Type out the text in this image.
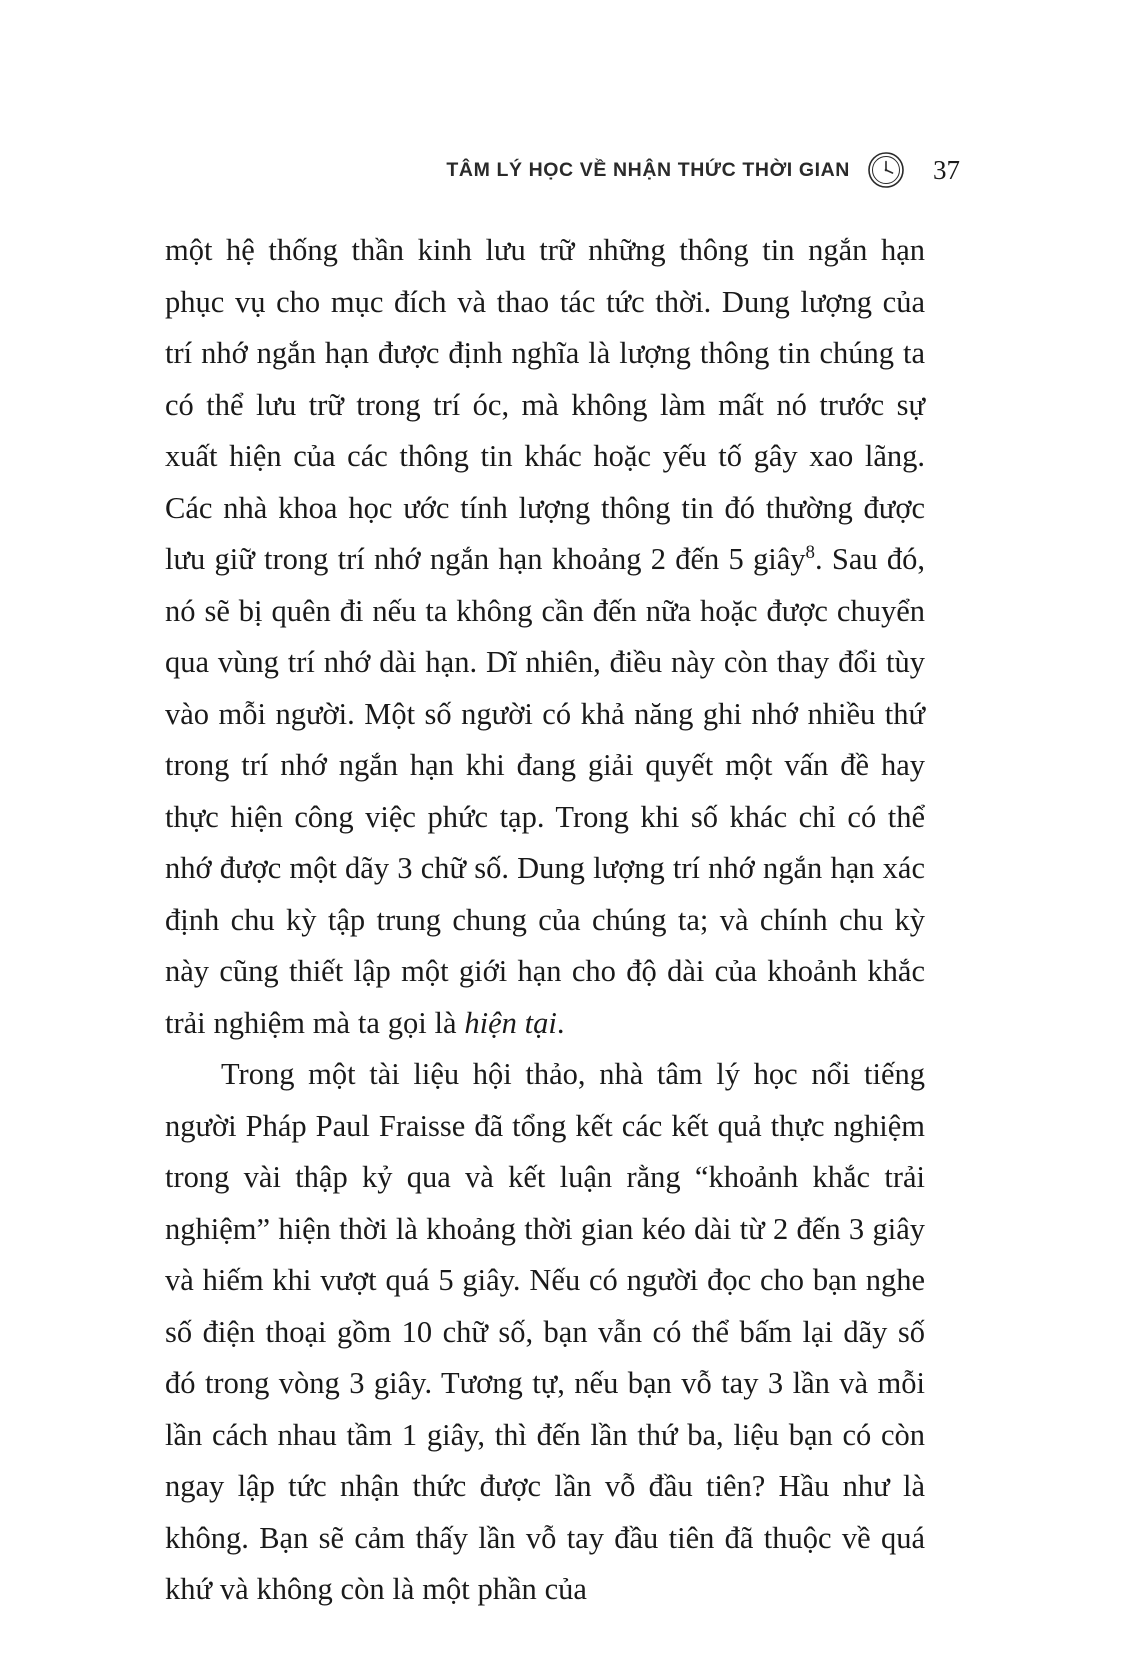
TÂM LÝ HỌC VỀ NHẬN THỨC THỜI GIAN	37

một hệ thống thần kinh lưu trữ những thông tin ngắn hạn phục vụ cho mục đích và thao tác tức thời. Dung lượng của trí nhớ ngắn hạn được định nghĩa là lượng thông tin chúng ta có thể lưu trữ trong trí óc, mà không làm mất nó trước sự xuất hiện của các thông tin khác hoặc yếu tố gây xao lãng. Các nhà khoa học ước tính lượng thông tin đó thường được lưu giữ trong trí nhớ ngắn hạn khoảng 2 đến 5 giây$^8$. Sau đó, nó sẽ bị quên đi nếu ta không cần đến nữa hoặc được chuyển qua vùng trí nhớ dài hạn. Dĩ nhiên, điều này còn thay đổi tùy vào mỗi người. Một số người có khả năng ghi nhớ nhiều thứ trong trí nhớ ngắn hạn khi đang giải quyết một vấn đề hay thực hiện công việc phức tạp. Trong khi số khác chỉ có thể nhớ được một dãy 3 chữ số. Dung lượng trí nhớ ngắn hạn xác định chu kỳ tập trung chung của chúng ta; và chính chu kỳ này cũng thiết lập một giới hạn cho độ dài của khoảnh khắc trải nghiệm mà ta gọi là hiện tại.

Trong một tài liệu hội thảo, nhà tâm lý học nổi tiếng người Pháp Paul Fraisse đã tổng kết các kết quả thực nghiệm trong vài thập kỷ qua và kết luận rằng “khoảnh khắc trải nghiệm” hiện thời là khoảng thời gian kéo dài từ 2 đến 3 giây và hiếm khi vượt quá 5 giây. Nếu có người đọc cho bạn nghe số điện thoại gồm 10 chữ số, bạn vẫn có thể bấm lại dãy số đó trong vòng 3 giây. Tương tự, nếu bạn vỗ tay 3 lần và mỗi lần cách nhau tầm 1 giây, thì đến lần thứ ba, liệu bạn có còn ngay lập tức nhận thức được lần vỗ đầu tiên? Hầu như là không. Bạn sẽ cảm thấy lần vỗ tay đầu tiên đã thuộc về quá khứ và không còn là một phần của
